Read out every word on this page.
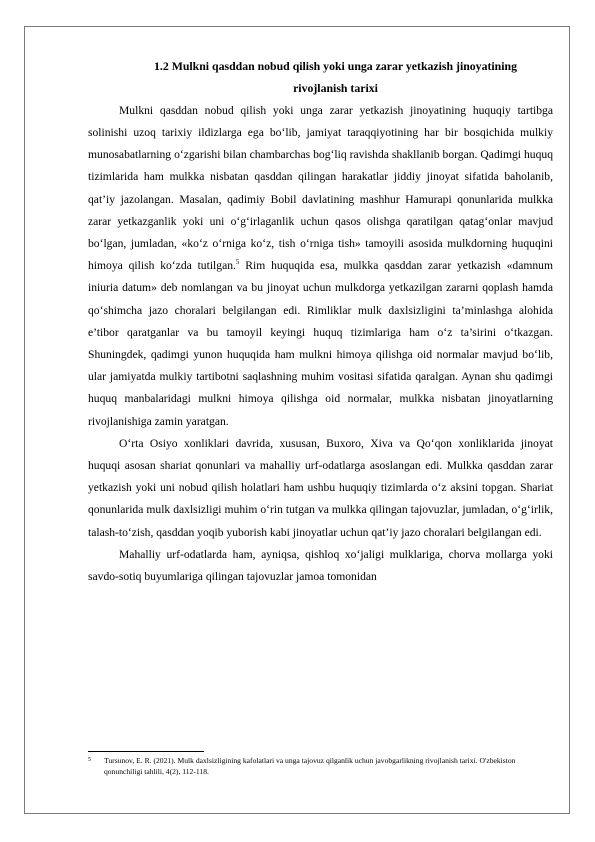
1.2 Mulkni qasddan nobud qilish yoki unga zarar yetkazish jinoyatining
rivojlanish tarixi

Mulkni qasddan nobud qilish yoki unga zarar yetkazish jinoyatining huquqiy tartibga solinishi uzoq tarixiy ildizlarga ega bo‘lib, jamiyat taraqqiyotining har bir bosqichida mulkiy munosabatlarning o‘zgarishi bilan chambarchas bog‘liq ravishda shakllanib borgan. Qadimgi huquq tizimlarida ham mulkka nisbatan qasddan qilingan harakatlar jiddiy jinoyat sifatida baholanib, qat’iy jazolangan. Masalan, qadimiy Bobil davlatining mashhur Hamurapi qonunlarida mulkka zarar yetkazganlik yoki uni o‘g‘irlaganlik uchun qasos olishga qaratilgan qatag‘onlar mavjud bo‘lgan, jumladan, «ko‘z o‘rniga ko‘z, tish o‘rniga tish» tamoyili asosida mulkdorning huquqini himoya qilish ko‘zda tutilgan.$^5$ Rim huquqida esa, mulkka qasddan zarar yetkazish «damnum iniuria datum» deb nomlangan va bu jinoyat uchun mulkdorga yetkazilgan zararni qoplash hamda qo‘shimcha jazo choralari belgilangan edi. Rimliklar mulk daxlsizligini ta’minlashga alohida e’tibor qaratganlar va bu tamoyil keyingi huquq tizimlariga ham o‘z ta’sirini o‘tkazgan. Shuningdek, qadimgi yunon huquqida ham mulkni himoya qilishga oid normalar mavjud bo‘lib, ular jamiyatda mulkiy tartibotni saqlashning muhim vositasi sifatida qaralgan. Aynan shu qadimgi huquq manbalaridagi mulkni himoya qilishga oid normalar, mulkka nisbatan jinoyatlarning rivojlanishiga zamin yaratgan.

O‘rta Osiyo xonliklari davrida, xususan, Buxoro, Xiva va Qo‘qon xonliklarida jinoyat huquqi asosan shariat qonunlari va mahalliy urf-odatlarga asoslangan edi. Mulkka qasddan zarar yetkazish yoki uni nobud qilish holatlari ham ushbu huquqiy tizimlarda o‘z aksini topgan. Shariat qonunlarida mulk daxlsizligi muhim o‘rin tutgan va mulkka qilingan tajovuzlar, jumladan, o‘g‘irlik, talash-to‘zish, qasddan yoqib yuborish kabi jinoyatlar uchun qat’iy jazo choralari belgilangan edi.

Mahalliy urf-odatlarda ham, ayniqsa, qishloq xo‘jaligi mulklariga, chorva mollarga yoki savdo-sotiq buyumlariga qilingan tajovuzlar jamoa tomonidan

5 Tursunov, E. R. (2021). Mulk daxlsizligining kafolatlari va unga tajovuz qilganlik uchun javobgarlikning rivojlanish tarixi. O'zbekiston qonunchiligi tahlili, 4(2), 112-118.
